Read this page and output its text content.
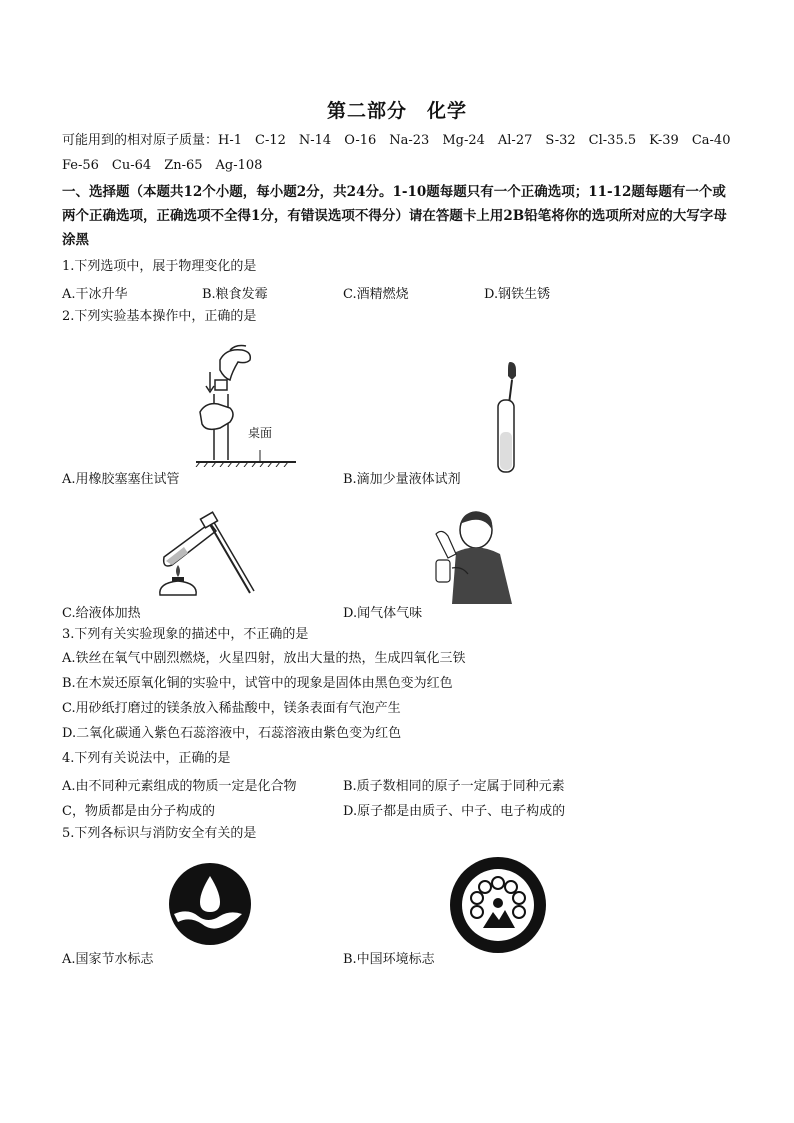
第二部分　化学
可能用到的相对原子质量：H-1　C-12　N-14　O-16　Na-23　Mg-24　Al-27　S-32　Cl-35.5　K-39　Ca-40
Fe-56　Cu-64　Zn-65　Ag-108
一、选择题（本题共12个小题，每小题2分，共24分。1-10题每题只有一个正确选项；11-12题每题有一个或两个正确选项，正确选项不全得1分，有错误选项不得分）请在答题卡上用2B铅笔将你的选项所对应的大写字母涂黑
1.下列选项中，展于物理变化的是
A.干冰升华	B.粮食发霉	C.酒精燃烧	D.钢铁生锈
2.下列实验基本操作中，正确的是
桌面
A.用橡胶塞塞住试管	B.滴加少量液体试剂
C.给液体加热	D.闻气体气味
3.下列有关实验现象的描述中，不正确的是
A.铁丝在氧气中剧烈燃烧，火星四射，放出大量的热，生成四氧化三铁
B.在木炭还原氧化铜的实验中，试管中的现象是固体由黑色变为红色
C.用砂纸打磨过的镁条放入稀盐酸中，镁条表面有气泡产生
D.二氧化碳通入紫色石蕊溶液中，石蕊溶液由紫色变为红色
4.下列有关说法中，正确的是
A.由不同种元素组成的物质一定是化合物	B.质子数相同的原子一定属于同种元素
C，物质都是由分子构成的	D.原子都是由质子、中子、电子构成的
5.下列各标识与消防安全有关的是
A.国家节水标志	B.中国环境标志
